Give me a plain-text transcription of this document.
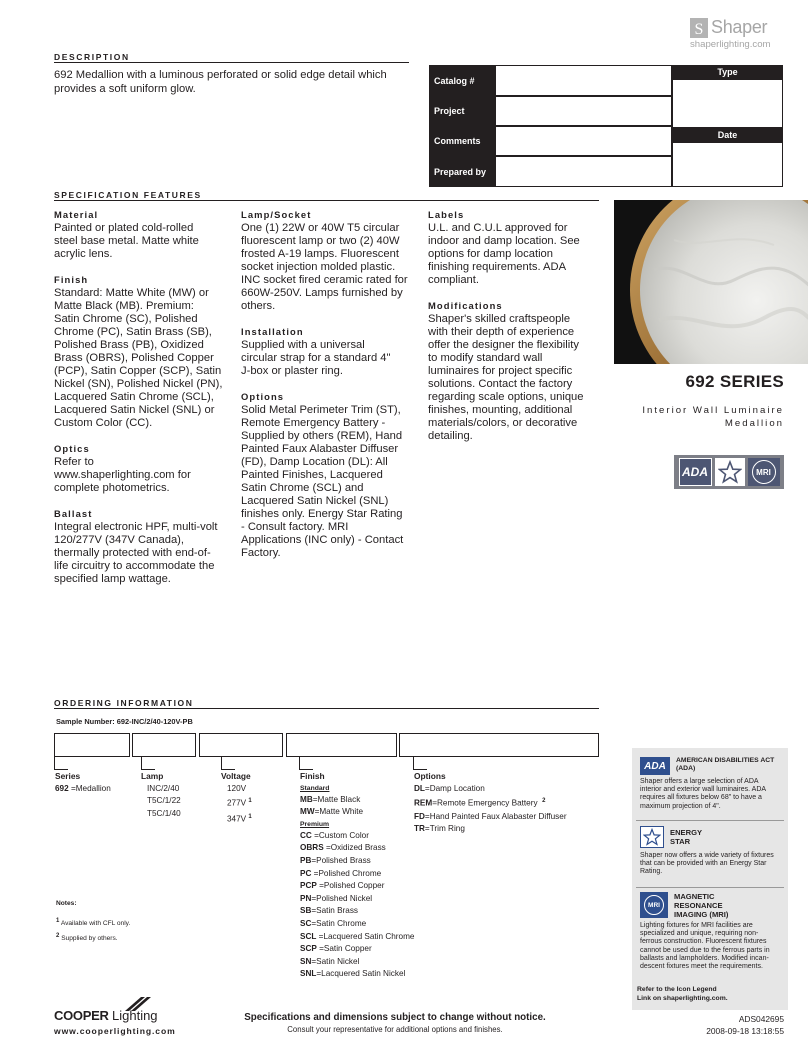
S Shaper
shaperlighting.com
DESCRIPTION
692 Medallion with a luminous perforated or solid edge detail which provides a soft uniform glow.
Catalog #
Project
Comments
Prepared by
Type
Date
SPECIFICATION FEATURES
Material

Painted or plated cold-rolled
steel base metal. Matte white
acrylic lens.

Finish

Standard: Matte White (MW) or
Matte Black (MB). Premium:
Satin Chrome (SC), Polished
Chrome (PC), Satin Brass (SB),
Polished Brass (PB), Oxidized
Brass (OBRS), Polished Copper
(PCP), Satin Copper (SCP), Satin
Nickel (SN), Polished Nickel (PN),
Lacquered Satin Chrome (SCL),
Lacquered Satin Nickel (SNL) or
Custom Color (CC).

Optics

Refer to
www.shaperlighting.com for
complete photometrics.

Ballast

Integral electronic HPF, multi-volt
120/277V (347V Canada),
thermally protected with end-of-
life circuitry to accommodate the
specified lamp wattage.

Lamp/Socket

One (1) 22W or 40W T5 circular
fluorescent lamp or two (2) 40W
frosted A-19 lamps. Fluorescent
socket injection molded plastic.
INC socket fired ceramic rated for
660W-250V. Lamps furnished by
others.

Installation

Supplied with a universal
circular strap for a standard 4"
J-box or plaster ring.

Options

Solid Metal Perimeter Trim (ST),
Remote Emergency Battery -
Supplied by others (REM), Hand
Painted Faux Alabaster Diffuser
(FD), Damp Location (DL): All
Painted Finishes, Lacquered
Satin Chrome (SCL) and
Lacquered Satin Nickel (SNL)
finishes only. Energy Star Rating
- Consult factory. MRI
Applications (INC only) - Contact
Factory.

Labels

U.L. and C.U.L approved for
indoor and damp location. See
options for damp location
finishing requirements. ADA
compliant.

Modifications

Shaper's skilled craftspeople
with their depth of experience
offer the designer the flexibility
to modify standard wall
luminaires for project specific
solutions. Contact the factory
regarding scale options, unique
finishes, mounting, additional
materials/colors, or decorative
detailing.

692 SERIES
Interior Wall Luminaire
Medallion
ADA	MRI
ORDERING INFORMATION
Sample Number: 692-INC/2/40-120V-PB
Series
692 =Medallion
Lamp
INC/2/40
T5C/1/22
T5C/1/40
Voltage
120V
277V $^1$
347V $^1$
Finish
Standard
MB=Matte Black
MW=Matte White
Premium
CC =Custom Color
OBRS =Oxidized Brass
PB=Polished Brass
PC =Polished Chrome
PCP =Polished Copper
PN=Polished Nickel
SB=Satin Brass
SC=Satin Chrome
SCL =Lacquered Satin Chrome
SCP =Satin Copper
SN=Satin Nickel
SNL=Lacquered Satin Nickel
Options
DL=Damp Location
REM=Remote Emergency Battery $^2$
FD=Hand Painted Faux Alabaster Diffuser
TR=Trim Ring
Notes:
$^1$ Available with CFL only.
$^2$ Supplied by others.
ADA AMERICAN DISABILITIES ACT (ADA)
Shaper offers a large selection of ADA interior and exterior wall luminaires. ADA requires all fixtures below 68" to have a maximum projection of 4".
ENERGY STAR
Shaper now offers a wide variety of fixtures that can be provided with an Energy Star Rating.
MRI
MAGNETIC RESONANCE IMAGING (MRI)
Lighting fixtures for MRI facilities are specialized and unique, requiring non-ferrous construction. Fluorescent fixtures cannot be used due to the ferrous parts in ballasts and lampholders. Modified incan-descent fixtures meet the requirements.
Refer to the Icon Legend
Link on shaperlighting.com.
COOPER Lighting
www.cooperlighting.com
Specifications and dimensions subject to change without notice.
Consult your representative for additional options and finishes.
ADS042695
2008-09-18 13:18:55
